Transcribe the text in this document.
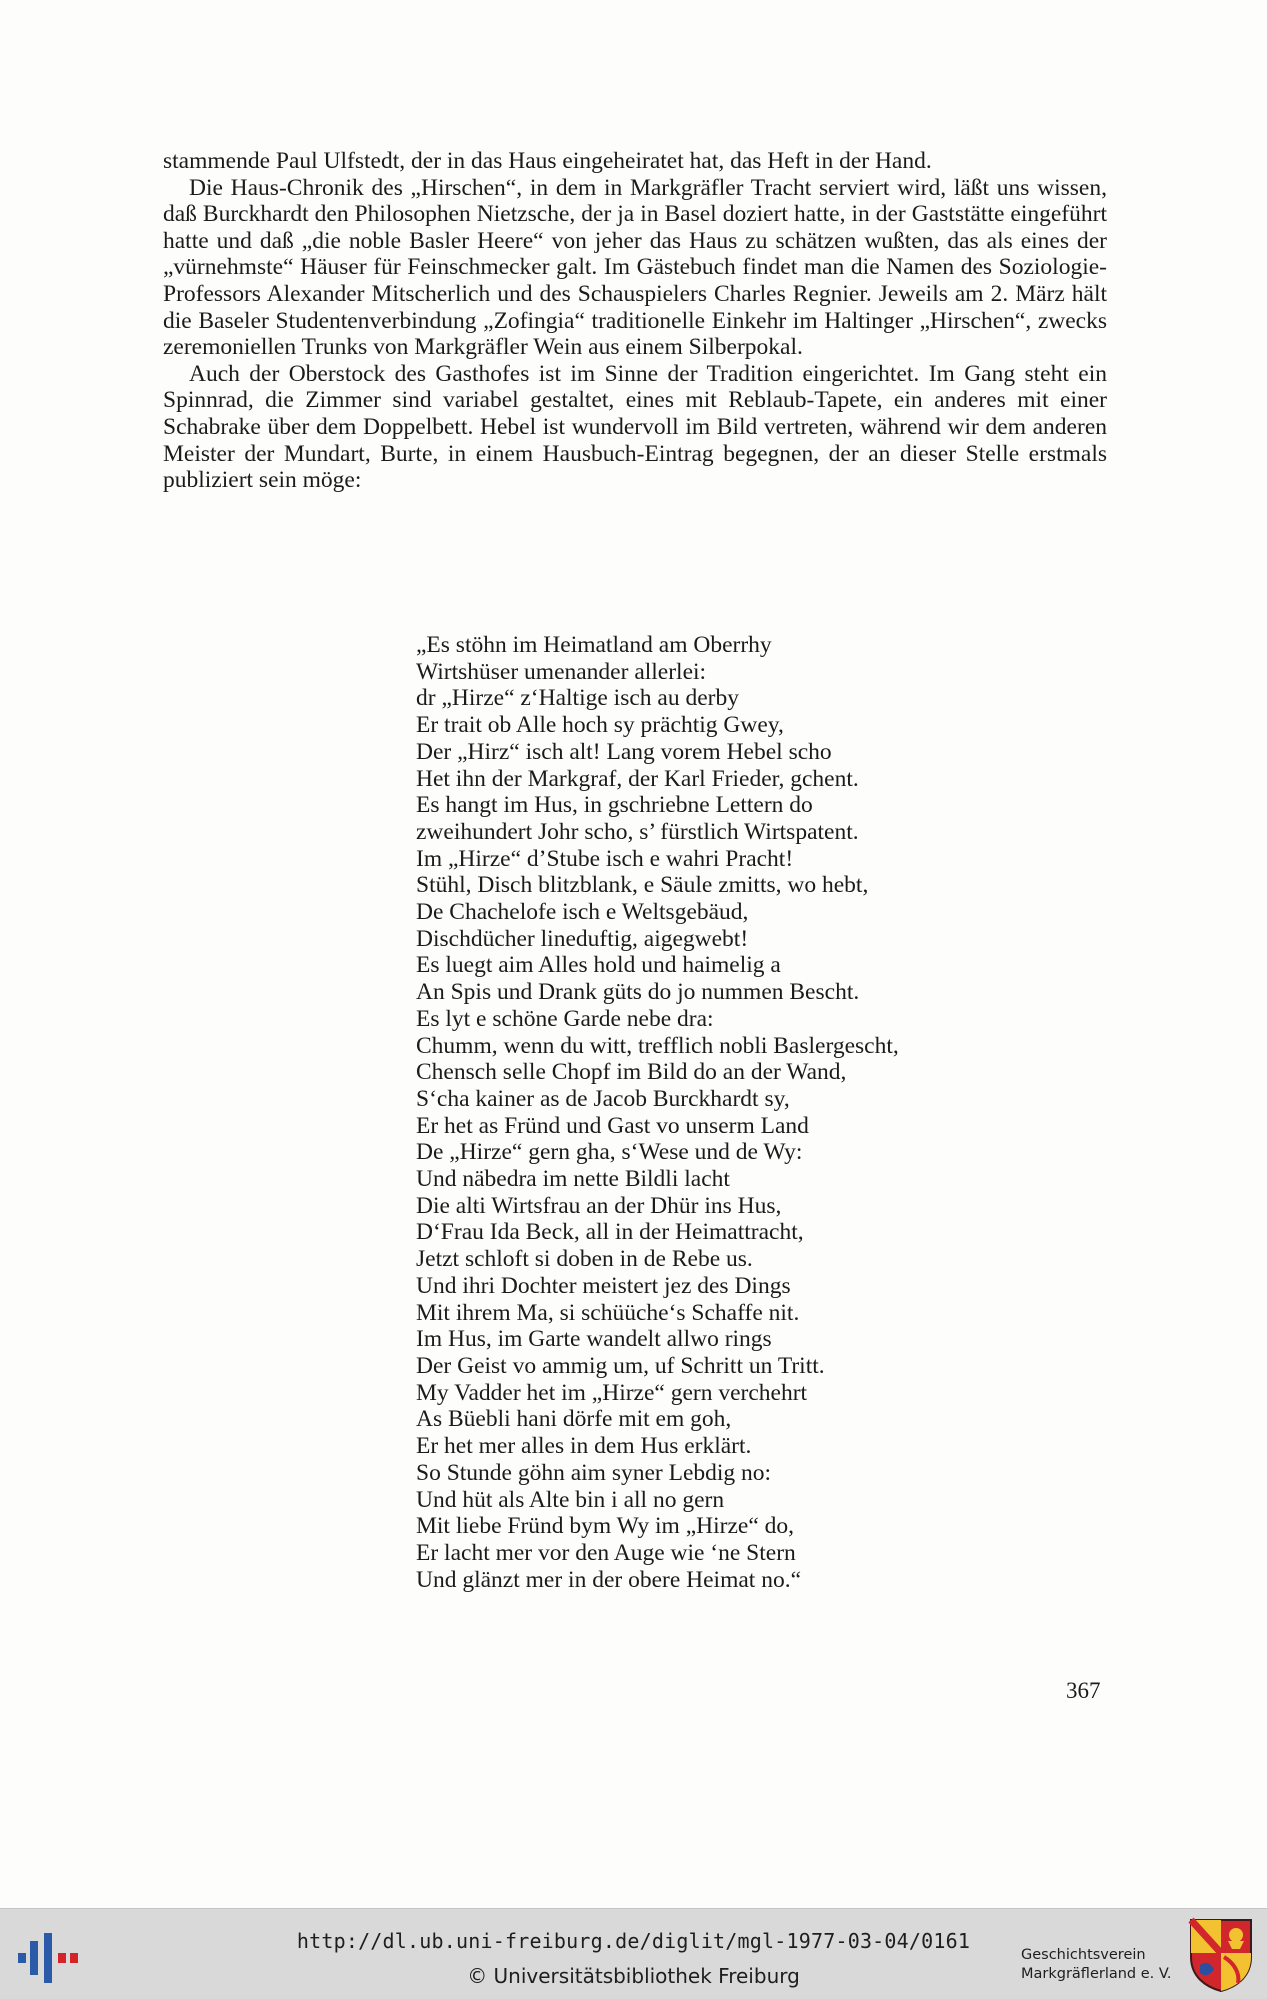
stammende Paul Ulfstedt, der in das Haus eingeheiratet hat, das Heft in der Hand.

Die Haus-Chronik des „Hirschen“, in dem in Markgräfler Tracht serviert wird, läßt uns wissen, daß Burckhardt den Philosophen Nietzsche, der ja in Basel doziert hatte, in der Gaststätte eingeführt hatte und daß „die noble Basler Heere“ von jeher das Haus zu schätzen wußten, das als eines der „vürnehmste“ Häuser für Feinschmecker galt. Im Gästebuch findet man die Namen des Soziologie-Professors Alexander Mitscherlich und des Schauspielers Charles Regnier. Jeweils am 2. März hält die Baseler Studentenverbindung „Zofingia“ traditionelle Einkehr im Haltinger „Hirschen“, zwecks zeremoniellen Trunks von Markgräfler Wein aus einem Silberpokal.

Auch der Oberstock des Gasthofes ist im Sinne der Tradition eingerichtet. Im Gang steht ein Spinnrad, die Zimmer sind variabel gestaltet, eines mit Reblaub-Tapete, ein anderes mit einer Schabrake über dem Doppelbett. Hebel ist wundervoll im Bild vertreten, während wir dem anderen Meister der Mundart, Burte, in einem Hausbuch-Eintrag begegnen, der an dieser Stelle erstmals publiziert sein möge:

„Es stöhn im Heimatland am Oberrhy
Wirtshüser umenander allerlei:
dr „Hirze“ z‘Haltige isch au derby
Er trait ob Alle hoch sy prächtig Gwey,
Der „Hirz“ isch alt! Lang vorem Hebel scho
Het ihn der Markgraf, der Karl Frieder, gchent.
Es hangt im Hus, in gschriebne Lettern do
zweihundert Johr scho, s’ fürstlich Wirtspatent.
Im „Hirze“ d’Stube isch e wahri Pracht!
Stühl, Disch blitzblank, e Säule zmitts, wo hebt,
De Chachelofe isch e Weltsgebäud,
Dischdücher lineduftig, aigegwebt!
Es luegt aim Alles hold und haimelig a
An Spis und Drank güts do jo nummen Bescht.
Es lyt e schöne Garde nebe dra:
Chumm, wenn du witt, trefflich nobli Baslergescht,
Chensch selle Chopf im Bild do an der Wand,
S‘cha kainer as de Jacob Burckhardt sy,
Er het as Fründ und Gast vo unserm Land
De „Hirze“ gern gha, s‘Wese und de Wy:
Und näbedra im nette Bildli lacht
Die alti Wirtsfrau an der Dhür ins Hus,
D‘Frau Ida Beck, all in der Heimattracht,
Jetzt schloft si doben in de Rebe us.
Und ihri Dochter meistert jez des Dings
Mit ihrem Ma, si schüüche‘s Schaffe nit.
Im Hus, im Garte wandelt allwo rings
Der Geist vo ammig um, uf Schritt un Tritt.
My Vadder het im „Hirze“ gern verchehrt
As Büebli hani dörfe mit em goh,
Er het mer alles in dem Hus erklärt.
So Stunde göhn aim syner Lebdig no:
Und hüt als Alte bin i all no gern
Mit liebe Fründ bym Wy im „Hirze“ do,
Er lacht mer vor den Auge wie ‘ne Stern
Und glänzt mer in der obere Heimat no.“
367
http://dl.ub.uni-freiburg.de/diglit/mgl-1977-03-04/0161
© Universitätsbibliothek Freiburg
Geschichtsverein
Markgräflerland e. V.
